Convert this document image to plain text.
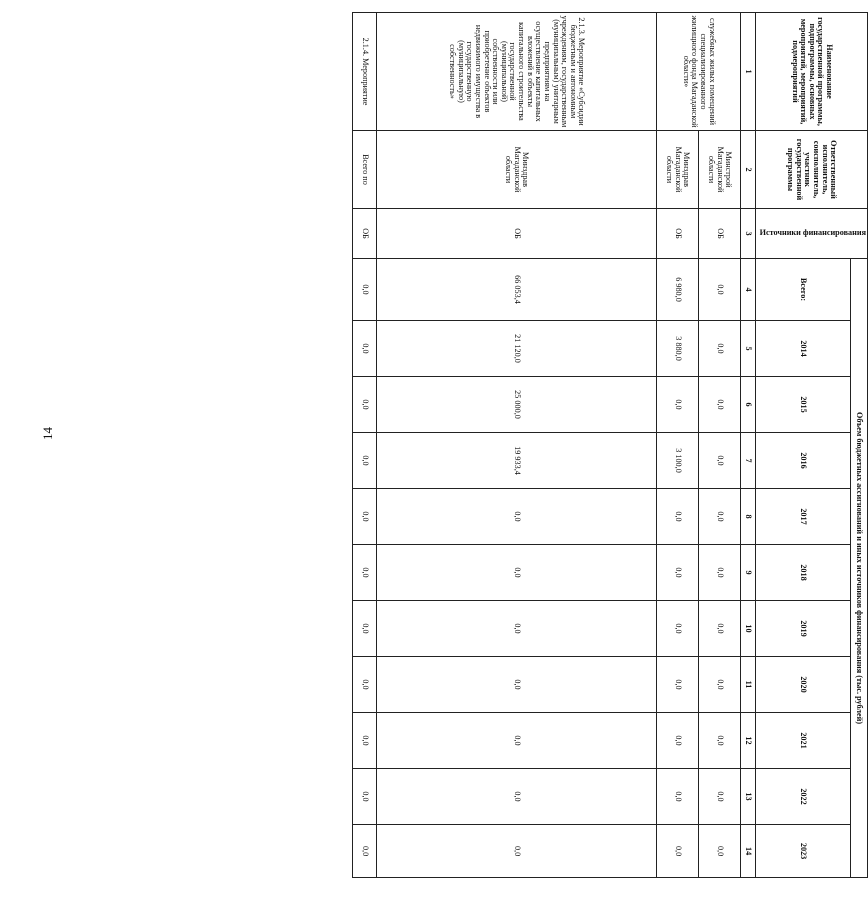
14
Наименование государственной программы, подпрограммы, основных мероприятий, мероприятий, подмероприятий	Ответственный исполнитель, соисполнитель, участник государственной программы	Источники финансирования	Объем бюджетных ассигнований и иных источников финансирования (тыс. рублей)										
			Всего:	2014	2015	2016	2017	2018	2019	2020	2021	2022	2023
1	2	3	4	5	6	7	8	9	10	11	12	13	14
служебных жилых помещений специализированного жилищного фонда Магаданской области»	Минстрой Магаданской области	ОБ	0,0	0,0	0,0	0,0	0,0	0,0	0,0	0,0	0,0	0,0	0,0
	Минздрав Магаданской области	ОБ	6 980,0	3 880,0	0,0	3 100,0	0,0	0,0	0,0	0,0	0,0	0,0	0,0
2.1.3. Мероприятие «Субсидии бюджетным и автономным учреждениям, государственным (муниципальным) унитарным предприятиям на осуществление капитальных вложений в объекты капитального строительства государственной (муниципальной) собственности или приобретение объектов недвижимого имущества в государственную (муниципальную) собственность»	Минздрав Магаданской области	ОБ	66 053,4	21 120,0	25 000,0	19 933,4	0,0	0,0	0,0	0,0	0,0	0,0	0,0
2.1.4. Мероприятие	Всего по	ОБ	0,0	0,0	0,0	0,0	0,0	0,0	0,0	0,0	0,0	0,0	0,0
